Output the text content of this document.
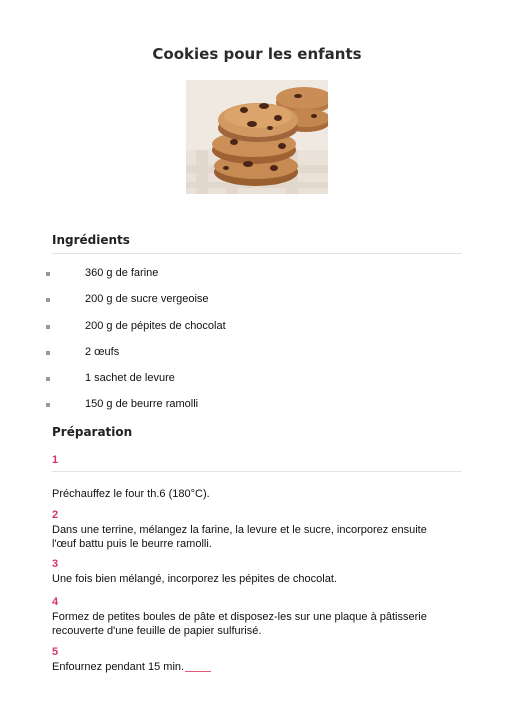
Cookies pour les enfants
Ingrédients
360 g de farine
200 g de sucre vergeoise
200 g de pépites de chocolat
2 œufs
1 sachet de levure
150 g de beurre ramolli
Préparation
1
Préchauffez le four th.6 (180°C).
2
Dans une terrine, mélangez la farine, la levure et le sucre, incorporez ensuite l'œuf battu puis le beurre ramolli.
3
Une fois bien mélangé, incorporez les pépites de chocolat.
4
Formez de petites boules de pâte et disposez-les sur une plaque à pâtisserie recouverte d'une feuille de papier sulfurisé.
5
Enfournez pendant 15 min.
